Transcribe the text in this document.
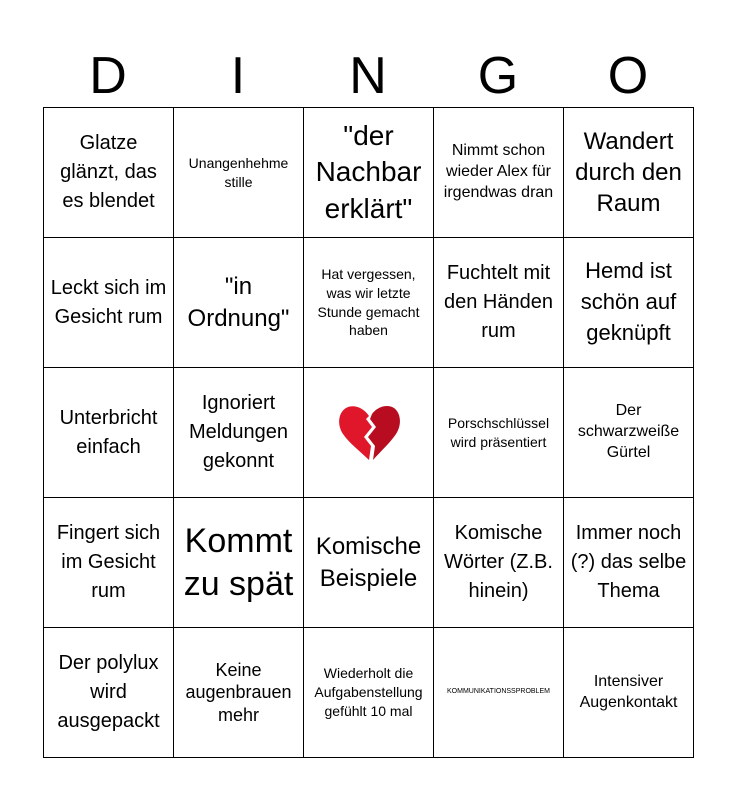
D	I	N	G	O
Glatze glänzt, das es blendet
Unangenhehme stille
"der Nachbar erklärt"
Nimmt schon wieder Alex für irgendwas dran
Wandert durch den Raum
Leckt sich im Gesicht rum
"in Ordnung"
Hat vergessen, was wir letzte Stunde gemacht haben
Fuchtelt mit den Händen rum
Hemd ist schön auf geknüpft
Unterbricht einfach
Ignoriert Meldungen gekonnt
Porschschlüssel wird präsentiert
Der schwarzweiße Gürtel
Fingert sich im Gesicht rum
Kommt zu spät
Komische Beispiele
Komische Wörter (Z.B. hinein)
Immer noch (?) das selbe Thema
Der polylux wird ausgepackt
Keine augenbrauen mehr
Wiederholt die Aufgabenstellung gefühlt 10 mal
KOMMUNIKATIONSSPROBLEM
Intensiver Augenkontakt
